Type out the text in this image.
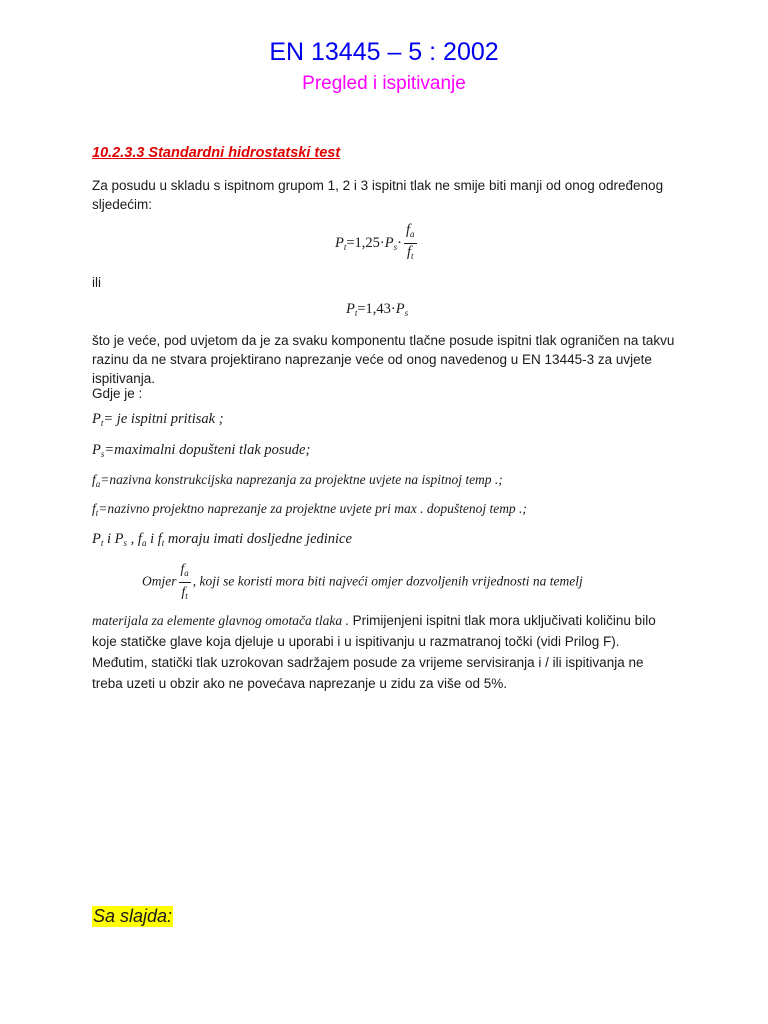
EN 13445 – 5 : 2002
Pregled i ispitivanje
10.2.3.3 Standardni hidrostatski test
Za posudu u skladu s ispitnom grupom 1, 2 i 3 ispitni tlak ne smije biti manji od onog određenog sljedećim:
$P_t=1,25\cdot P_s\cdot \frac{f_a}{f_t}$
ili
$P_t=1,43\cdot P_s$
što je veće, pod uvjetom da je za svaku komponentu tlačne posude ispitni tlak ograničen na takvu razinu da ne stvara projektirano naprezanje veće od onog navedenog u EN 13445-3 za uvjete ispitivanja.
Gdje je :
$P_t=$ je ispitni pritisak ;
$P_s=maximalni$ dopušteni tlak posude;
$f_a=nazivna$ konstrukcijska naprezanja za projektne uvjete na ispitnoj temp .;
$f_t=nazivno$ projektno naprezanje za projektne uvjete pri max . dopuštenoj temp .;
$P_t$ i $P_s$ , $f_a$ i $f_t$ moraju imati dosljedne jedinice
Omjer $\frac{f_a}{f_t}$ , koji se koristi mora biti najveći omjer dozvoljenih vrijednosti na temelj
materijala za elemente glavnog omotača tlaka . Primijenjeni ispitni tlak mora uključivati količinu bilo koje statičke glave koja djeluje u uporabi i u ispitivanju u razmatranoj točki (vidi Prilog F). Međutim, statički tlak uzrokovan sadržajem posude za vrijeme servisiranja i / ili ispitivanja ne treba uzeti u obzir ako ne povećava naprezanje u zidu za više od 5%.
Sa slajda:
